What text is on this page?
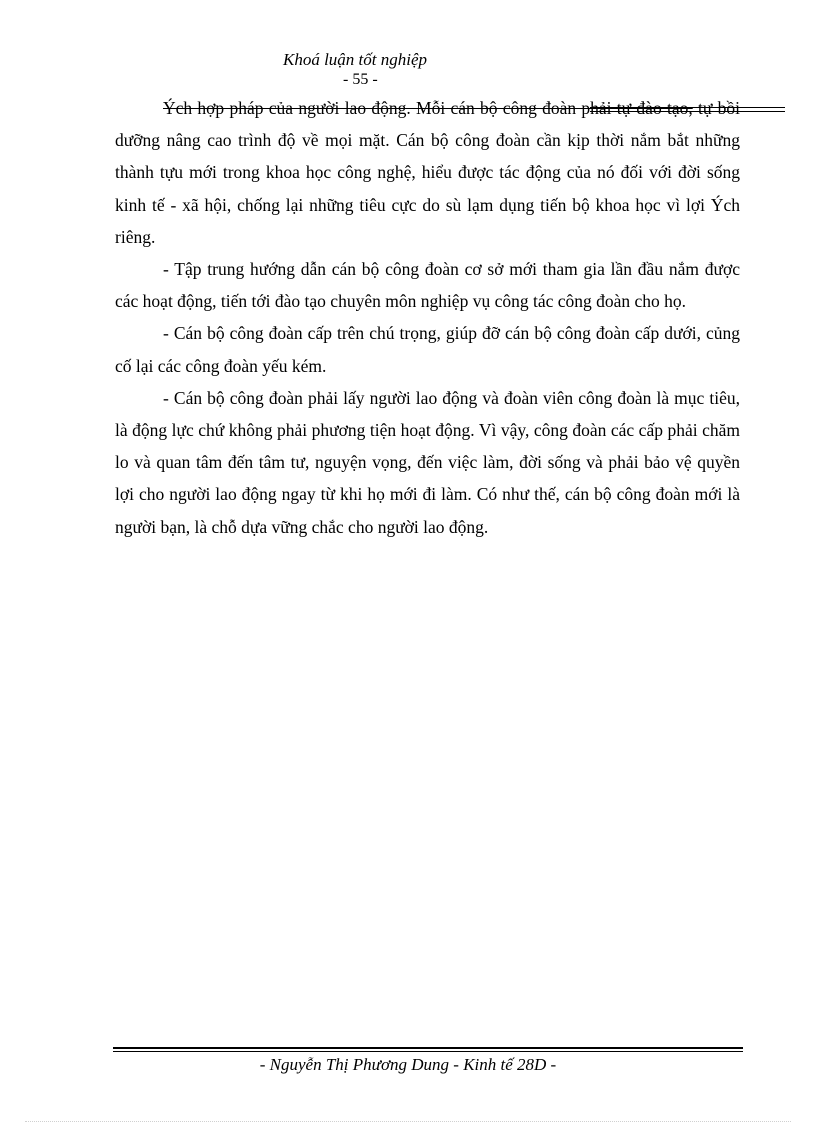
Khoá luận tốt nghiệp
- 55 -

Ých hợp pháp của người lao động. Mỗi cán bộ công đoàn phải tự đào tạo, tự bồi dưỡng nâng cao trình độ về mọi mặt. Cán bộ công đoàn cần kịp thời nắm bắt những thành tựu mới trong khoa học công nghệ, hiểu được tác động của nó đối với đời sống kinh tế - xã hội, chống lại những tiêu cực do sù lạm dụng tiến bộ khoa học vì lợi Ých riêng.

- Tập trung hướng dẫn cán bộ công đoàn cơ sở mới tham gia lần đầu nắm được các hoạt động, tiến tới đào tạo chuyên môn nghiệp vụ công tác công đoàn cho họ.

- Cán bộ công đoàn cấp trên chú trọng, giúp đỡ cán bộ công đoàn cấp dưới, củng cố lại các công đoàn yếu kém.

- Cán bộ công đoàn phải lấy người lao động và đoàn viên công đoàn là mục tiêu, là động lực chứ không phải phương tiện hoạt động. Vì vậy, công đoàn các cấp phải chăm lo và quan tâm đến tâm tư, nguyện vọng, đến việc làm, đời sống và phải bảo vệ quyền lợi cho người lao động ngay từ khi họ mới đi làm. Có như thế, cán bộ công đoàn mới là người bạn, là chỗ dựa vững chắc cho người lao động.

- Nguyễn Thị Phương Dung - Kinh tế 28D -
